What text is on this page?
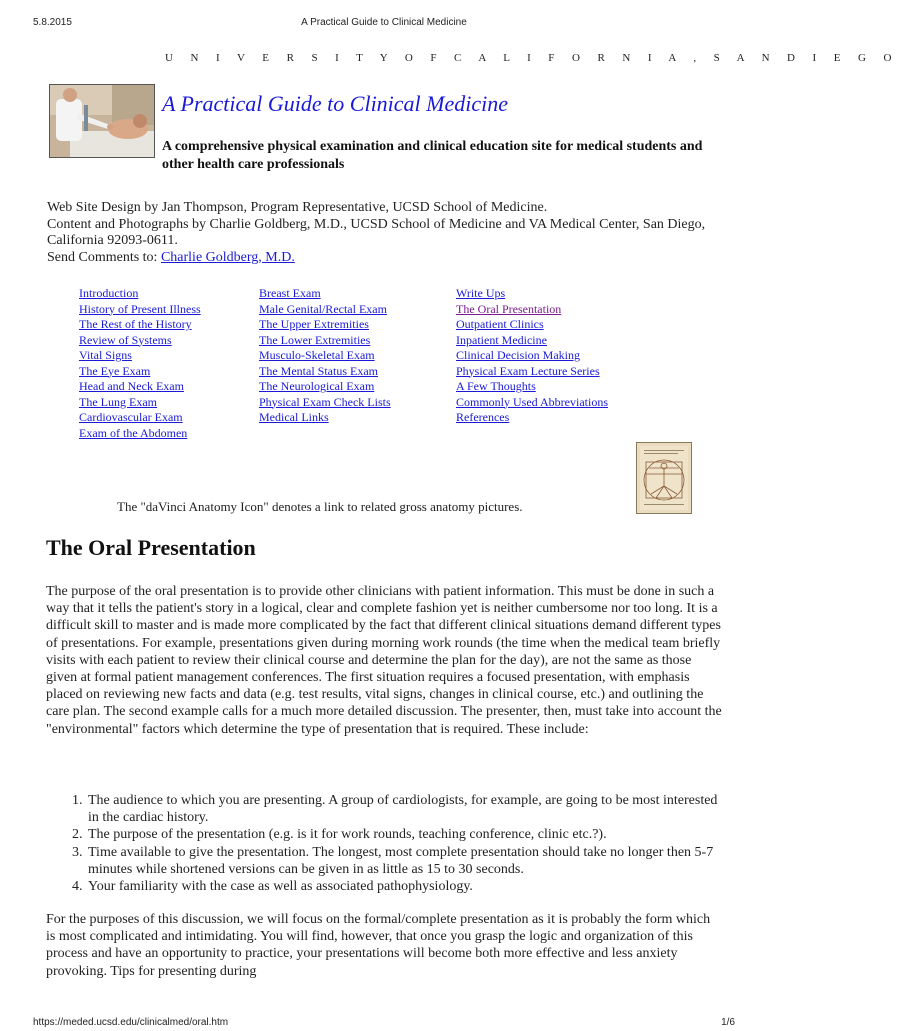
5.8.2015	A Practical Guide to Clinical Medicine
U N I V E R S I T Y O F C A L I F O R N I A , S A N D I E G O
A Practical Guide to Clinical Medicine
A comprehensive physical examination and clinical education site for medical students and other health care professionals
Web Site Design by Jan Thompson, Program Representative, UCSD School of Medicine.
Content and Photographs by Charlie Goldberg, M.D., UCSD School of Medicine and VA Medical Center, San Diego, California 92093-0611.
Send Comments to: Charlie Goldberg, M.D.
Introduction
History of Present Illness
The Rest of the History
Review of Systems
Vital Signs
The Eye Exam
Head and Neck Exam
The Lung Exam
Cardiovascular Exam
Exam of the Abdomen
Breast Exam
Male Genital/Rectal Exam
The Upper Extremities
The Lower Extremities
Musculo-Skeletal Exam
The Mental Status Exam
The Neurological Exam
Physical Exam Check Lists
Medical Links
Write Ups
The Oral Presentation
Outpatient Clinics
Inpatient Medicine
Clinical Decision Making
Physical Exam Lecture Series
A Few Thoughts
Commonly Used Abbreviations
References
The "daVinci Anatomy Icon" denotes a link to related gross anatomy pictures.
The Oral Presentation

The purpose of the oral presentation is to provide other clinicians with patient information. This must be done in such a way that it tells the patient's story in a logical, clear and complete fashion yet is neither cumbersome nor too long. It is a difficult skill to master and is made more complicated by the fact that different clinical situations demand different types of presentations. For example, presentations given during morning work rounds (the time when the medical team briefly visits with each patient to review their clinical course and determine the plan for the day), are not the same as those given at formal patient management conferences. The first situation requires a focused presentation, with emphasis placed on reviewing new facts and data (e.g. test results, vital signs, changes in clinical course, etc.) and outlining the care plan. The second example calls for a much more detailed discussion. The presenter, then, must take into account the "environmental" factors which determine the type of presentation that is required. These include:

1. The audience to which you are presenting. A group of cardiologists, for example, are going to be most interested in the cardiac history.
2. The purpose of the presentation (e.g. is it for work rounds, teaching conference, clinic etc.?).
3. Time available to give the presentation. The longest, most complete presentation should take no longer then 5-7 minutes while shortened versions can be given in as little as 15 to 30 seconds.
4. Your familiarity with the case as well as associated pathophysiology.

For the purposes of this discussion, we will focus on the formal/complete presentation as it is probably the form which is most complicated and intimidating. You will find, however, that once you grasp the logic and organization of this process and have an opportunity to practice, your presentations will become both more effective and less anxiety provoking. Tips for presenting during

https://meded.ucsd.edu/clinicalmed/oral.htm	1/6
